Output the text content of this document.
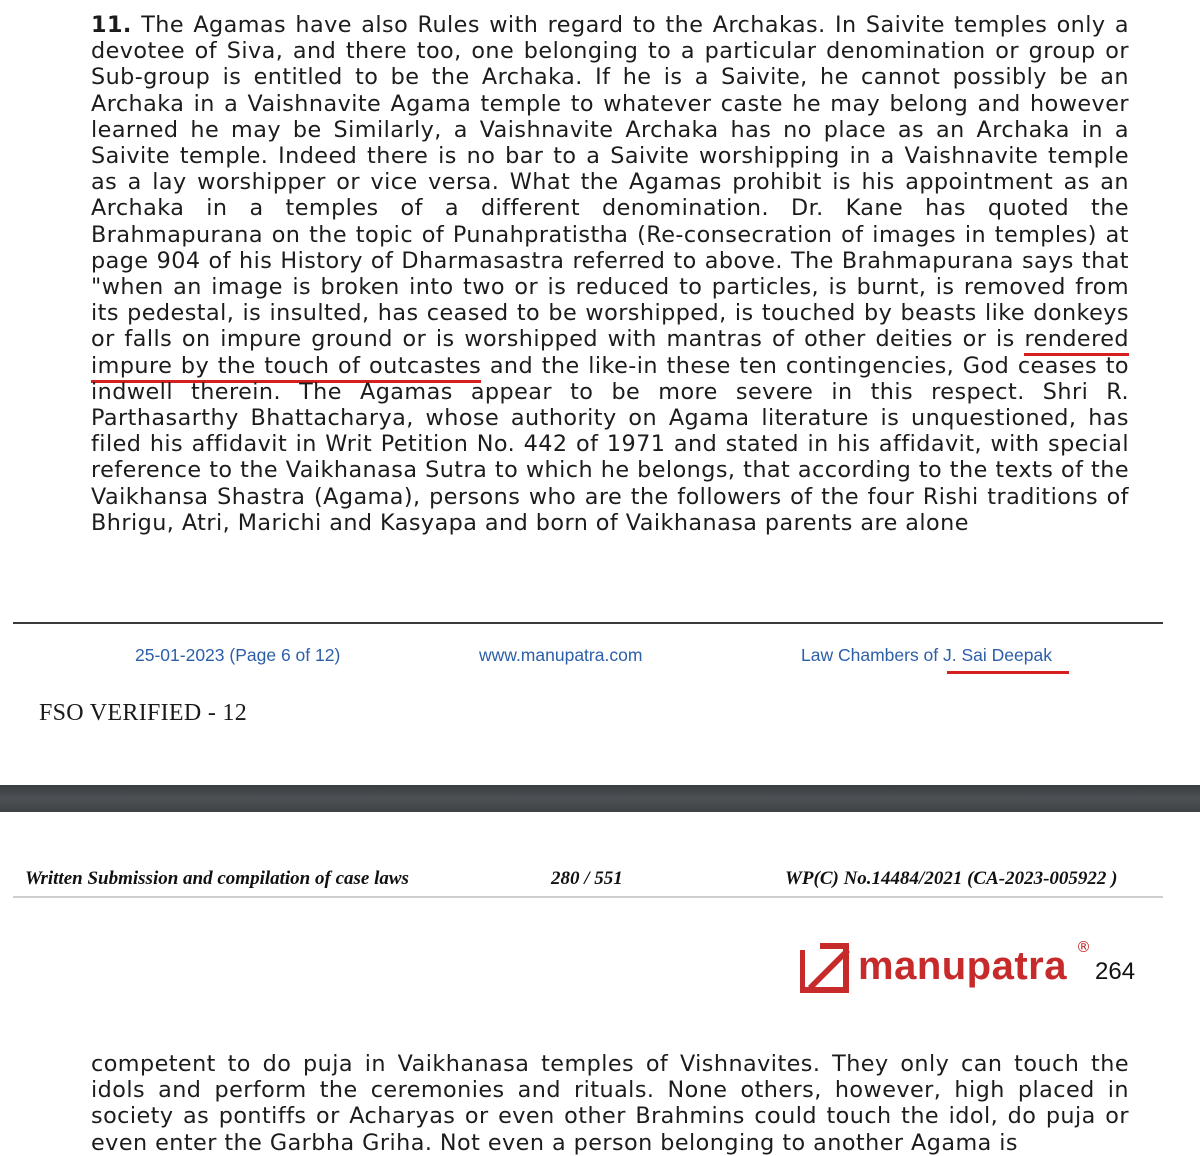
11. The Agamas have also Rules with regard to the Archakas. In Saivite temples only a devotee of Siva, and there too, one belonging to a particular denomination or group or Sub-group is entitled to be the Archaka. If he is a Saivite, he cannot possibly be an Archaka in a Vaishnavite Agama temple to whatever caste he may belong and however learned he may be Similarly, a Vaishnavite Archaka has no place as an Archaka in a Saivite temple. Indeed there is no bar to a Saivite worshipping in a Vaishnavite temple as a lay worshipper or vice versa. What the Agamas prohibit is his appointment as an Archaka in a temples of a different denomination. Dr. Kane has quoted the Brahmapurana on the topic of Punahpratistha (Re-consecration of images in temples) at page 904 of his History of Dharmasastra referred to above. The Brahmapurana says that "when an image is broken into two or is reduced to particles, is burnt, is removed from its pedestal, is insulted, has ceased to be worshipped, is touched by beasts like donkeys or falls on impure ground or is worshipped with mantras of other deities or is rendered impure by the touch of outcastes and the like-in these ten contingencies, God ceases to indwell therein. The Agamas appear to be more severe in this respect. Shri R. Parthasarthy Bhattacharya, whose authority on Agama literature is unquestioned, has filed his affidavit in Writ Petition No. 442 of 1971 and stated in his affidavit, with special reference to the Vaikhanasa Sutra to which he belongs, that according to the texts of the Vaikhansa Shastra (Agama), persons who are the followers of the four Rishi traditions of Bhrigu, Atri, Marichi and Kasyapa and born of Vaikhanasa parents are alone

25-01-2023 (Page 6 of 12)	www.manupatra.com	Law Chambers of J. Sai Deepak
FSO VERIFIED - 12
Written Submission and compilation of case laws	280 / 551	WP(C) No.14484/2021 (CA-2023-005922 )
manupatra ®
264

competent to do puja in Vaikhanasa temples of Vishnavites. They only can touch the idols and perform the ceremonies and rituals. None others, however, high placed in society as pontiffs or Acharyas or even other Brahmins could touch the idol, do puja or even enter the Garbha Griha. Not even a person belonging to another Agama is
